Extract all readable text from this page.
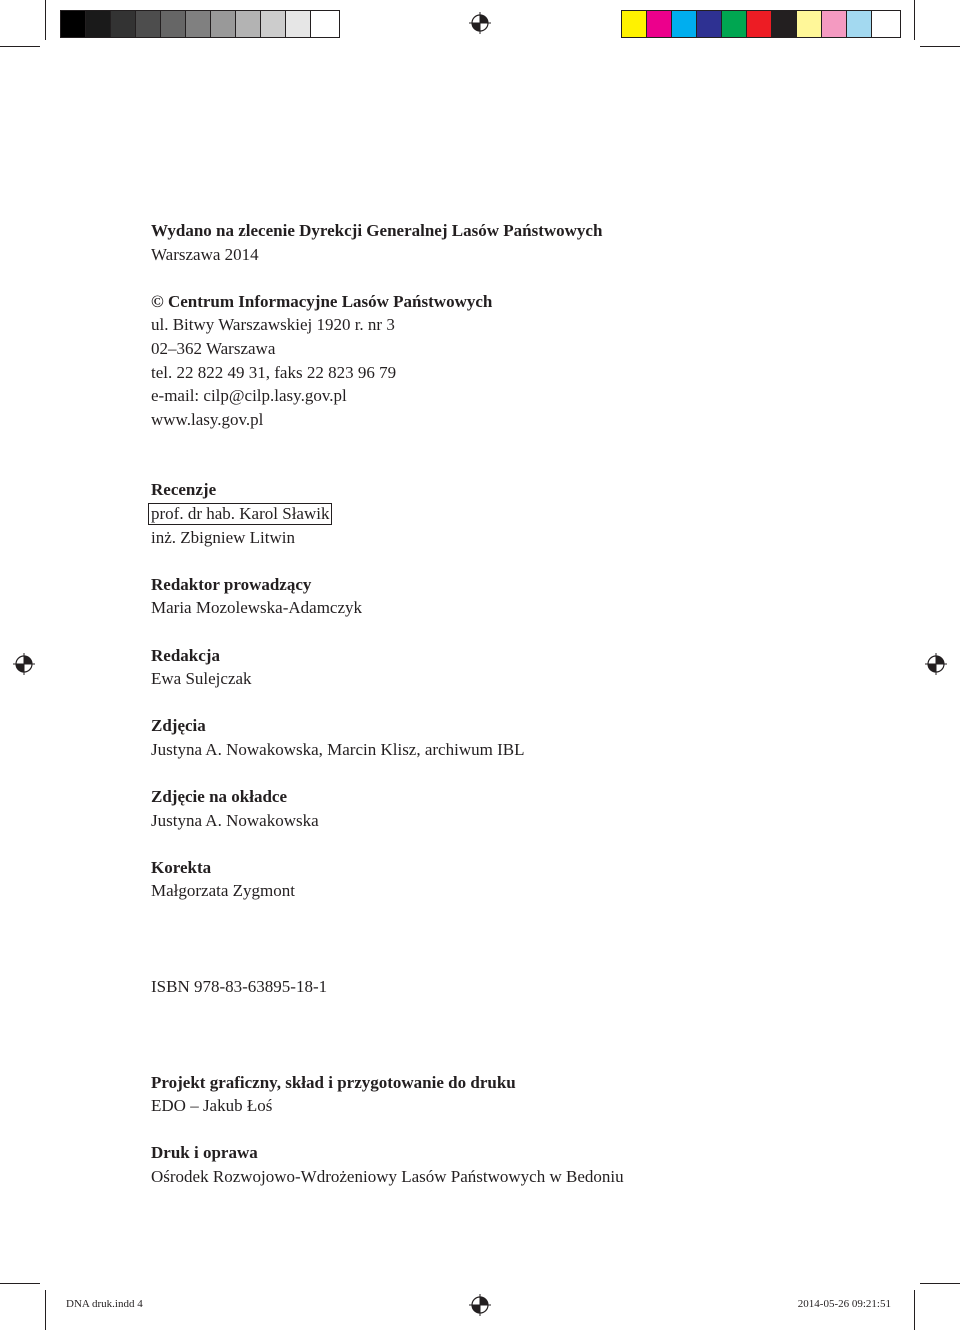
Wydano na zlecenie Dyrekcji Generalnej Lasów Państwowych
Warszawa 2014
© Centrum Informacyjne Lasów Państwowych
ul. Bitwy Warszawskiej 1920 r. nr 3
02–362 Warszawa
tel. 22 822 49 31, faks 22 823 96 79
e-mail: cilp@cilp.lasy.gov.pl
www.lasy.gov.pl
Recenzje
prof. dr hab. Karol Sławik
inż. Zbigniew Litwin
Redaktor prowadzący
Maria Mozolewska-Adamczyk
Redakcja
Ewa Sulejczak
Zdjęcia
Justyna A. Nowakowska, Marcin Klisz, archiwum IBL
Zdjęcie na okładce
Justyna A. Nowakowska
Korekta
Małgorzata Zygmont
ISBN 978-83-63895-18-1
Projekt graficzny, skład i przygotowanie do druku
EDO – Jakub Łoś
Druk i oprawa
Ośrodek Rozwojowo-Wdrożeniowy Lasów Państwowych w Bedoniu
DNA druk.indd 4	2014-05-26 09:21:51
